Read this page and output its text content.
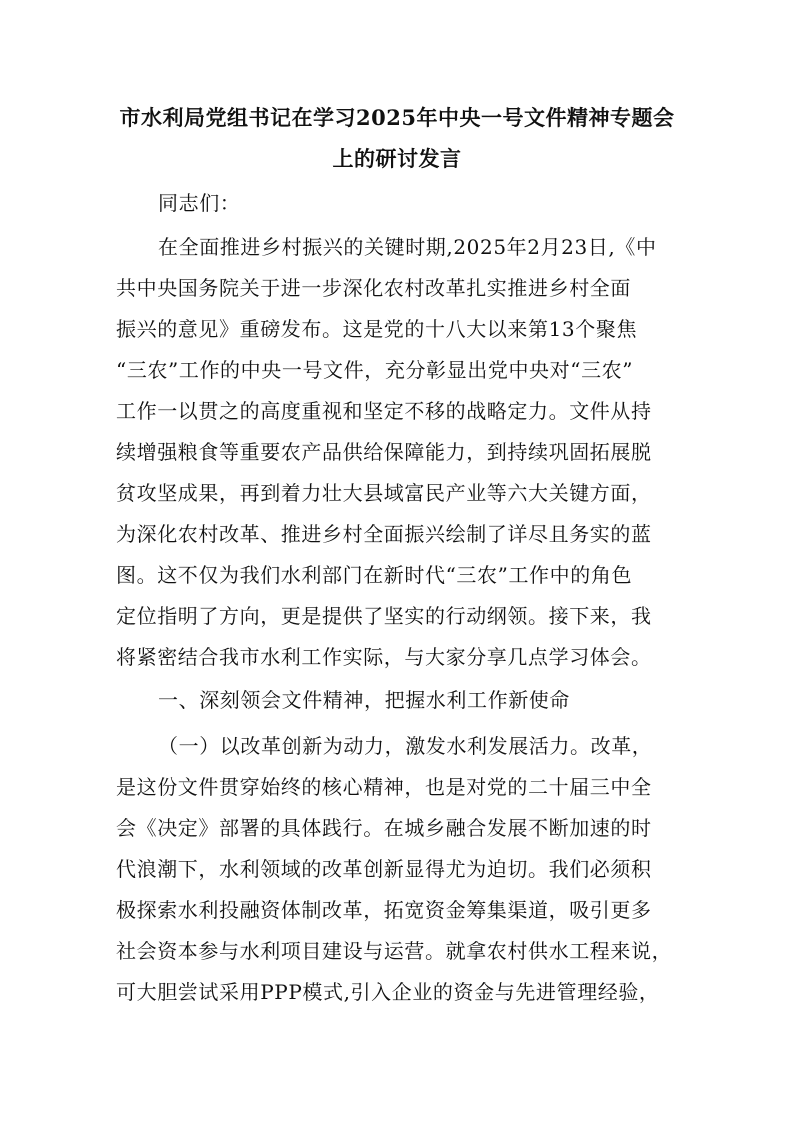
市水利局党组书记在学习2025年中央一号文件精神专题会
上的研讨发言
同志们：
在全面推进乡村振兴的关键时期,2025年2月23日,《中
共中央国务院关于进一步深化农村改革扎实推进乡村全面
振兴的意见》重磅发布。这是党的十八大以来第13个聚焦
“三农”工作的中央一号文件，充分彰显出党中央对“三农”
工作一以贯之的高度重视和坚定不移的战略定力。文件从持
续增强粮食等重要农产品供给保障能力，到持续巩固拓展脱
贫攻坚成果，再到着力壮大县域富民产业等六大关键方面，
为深化农村改革、推进乡村全面振兴绘制了详尽且务实的蓝
图。这不仅为我们水利部门在新时代“三农”工作中的角色
定位指明了方向，更是提供了坚实的行动纲领。接下来，我
将紧密结合我市水利工作实际，与大家分享几点学习体会。
一、深刻领会文件精神，把握水利工作新使命
（一）以改革创新为动力，激发水利发展活力。改革，
是这份文件贯穿始终的核心精神，也是对党的二十届三中全
会《决定》部署的具体践行。在城乡融合发展不断加速的时
代浪潮下，水利领域的改革创新显得尤为迫切。我们必须积
极探索水利投融资体制改革，拓宽资金筹集渠道，吸引更多
社会资本参与水利项目建设与运营。就拿农村供水工程来说，
可大胆尝试采用PPP模式,引入企业的资金与先进管理经验，
